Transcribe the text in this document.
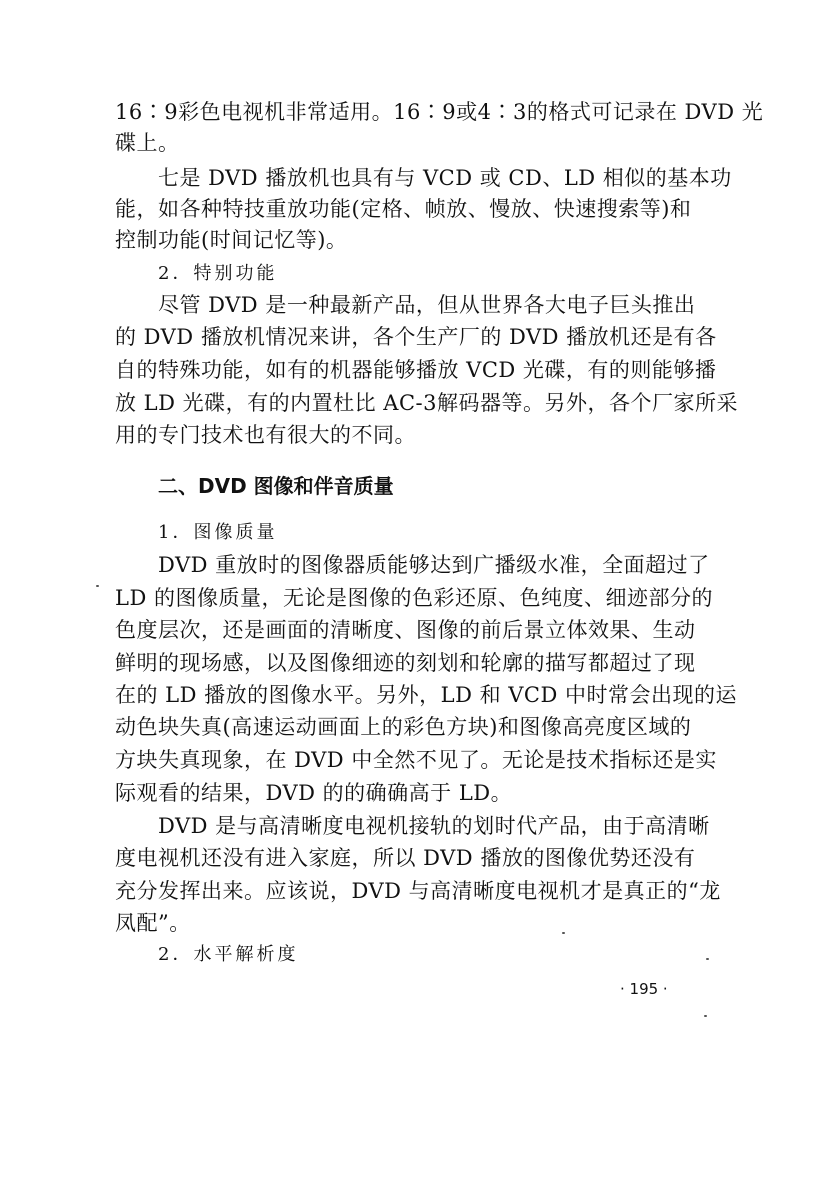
16∶9彩色电视机非常适用。16∶9或4∶3的格式可记录在 DVD 光
碟上。
七是 DVD 播放机也具有与 VCD 或 CD、LD 相似的基本功
能，如各种特技重放功能(定格、帧放、慢放、快速搜索等)和
控制功能(时间记忆等)。
2．特别功能
尽管 DVD 是一种最新产品，但从世界各大电子巨头推出
的 DVD 播放机情况来讲，各个生产厂的 DVD 播放机还是有各
自的特殊功能，如有的机器能够播放 VCD 光碟，有的则能够播
放 LD 光碟，有的内置杜比 AC-3解码器等。另外，各个厂家所采
用的专门技术也有很大的不同。
二、DVD 图像和伴音质量
1．图像质量
DVD 重放时的图像器质能够达到广播级水准，全面超过了
LD 的图像质量，无论是图像的色彩还原、色纯度、细迹部分的
色度层次，还是画面的清晰度、图像的前后景立体效果、生动
鲜明的现场感，以及图像细迹的刻划和轮廓的描写都超过了现
在的 LD 播放的图像水平。另外，LD 和 VCD 中时常会出现的运
动色块失真(高速运动画面上的彩色方块)和图像高亮度区域的
方块失真现象，在 DVD 中全然不见了。无论是技术指标还是实
际观看的结果，DVD 的的确确高于 LD。
DVD 是与高清晰度电视机接轨的划时代产品，由于高清晰
度电视机还没有进入家庭，所以 DVD 播放的图像优势还没有
充分发挥出来。应该说，DVD 与高清晰度电视机才是真正的“龙
凤配”。
2．水平解析度
· 195 ·
